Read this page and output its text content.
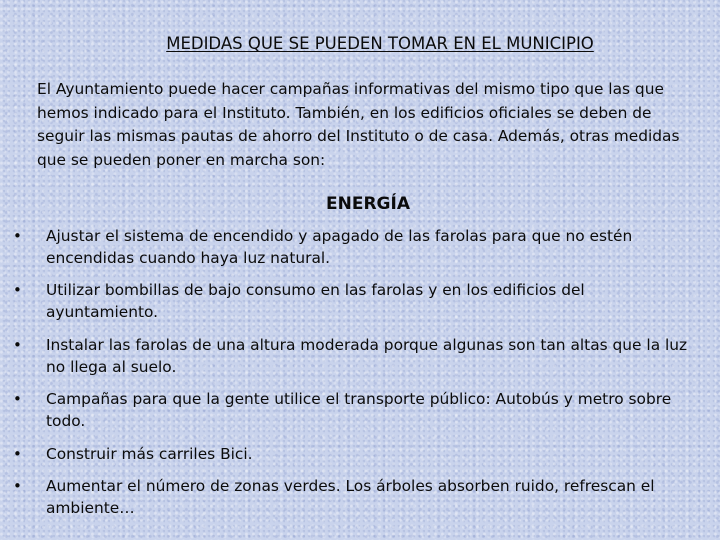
MEDIDAS QUE SE PUEDEN TOMAR EN EL MUNICIPIO

El Ayuntamiento puede hacer campañas informativas del mismo tipo que las que hemos indicado para el Instituto. También, en los edificios oficiales se deben de seguir las mismas pautas de ahorro del Instituto o de casa. Además, otras medidas que se pueden poner en marcha son:

ENERGÍA
• Ajustar el sistema de encendido y apagado de las farolas para que no estén encendidas cuando haya luz natural.
• Utilizar bombillas de bajo consumo en las farolas y en los edificios del ayuntamiento.
• Instalar las farolas de una altura moderada porque algunas son tan altas que la luz no llega al suelo.
• Campañas para que la gente utilice el transporte público: Autobús y metro sobre todo.
• Construir más carriles Bici.
• Aumentar el número de zonas verdes. Los árboles absorben ruido, refrescan el ambiente…
